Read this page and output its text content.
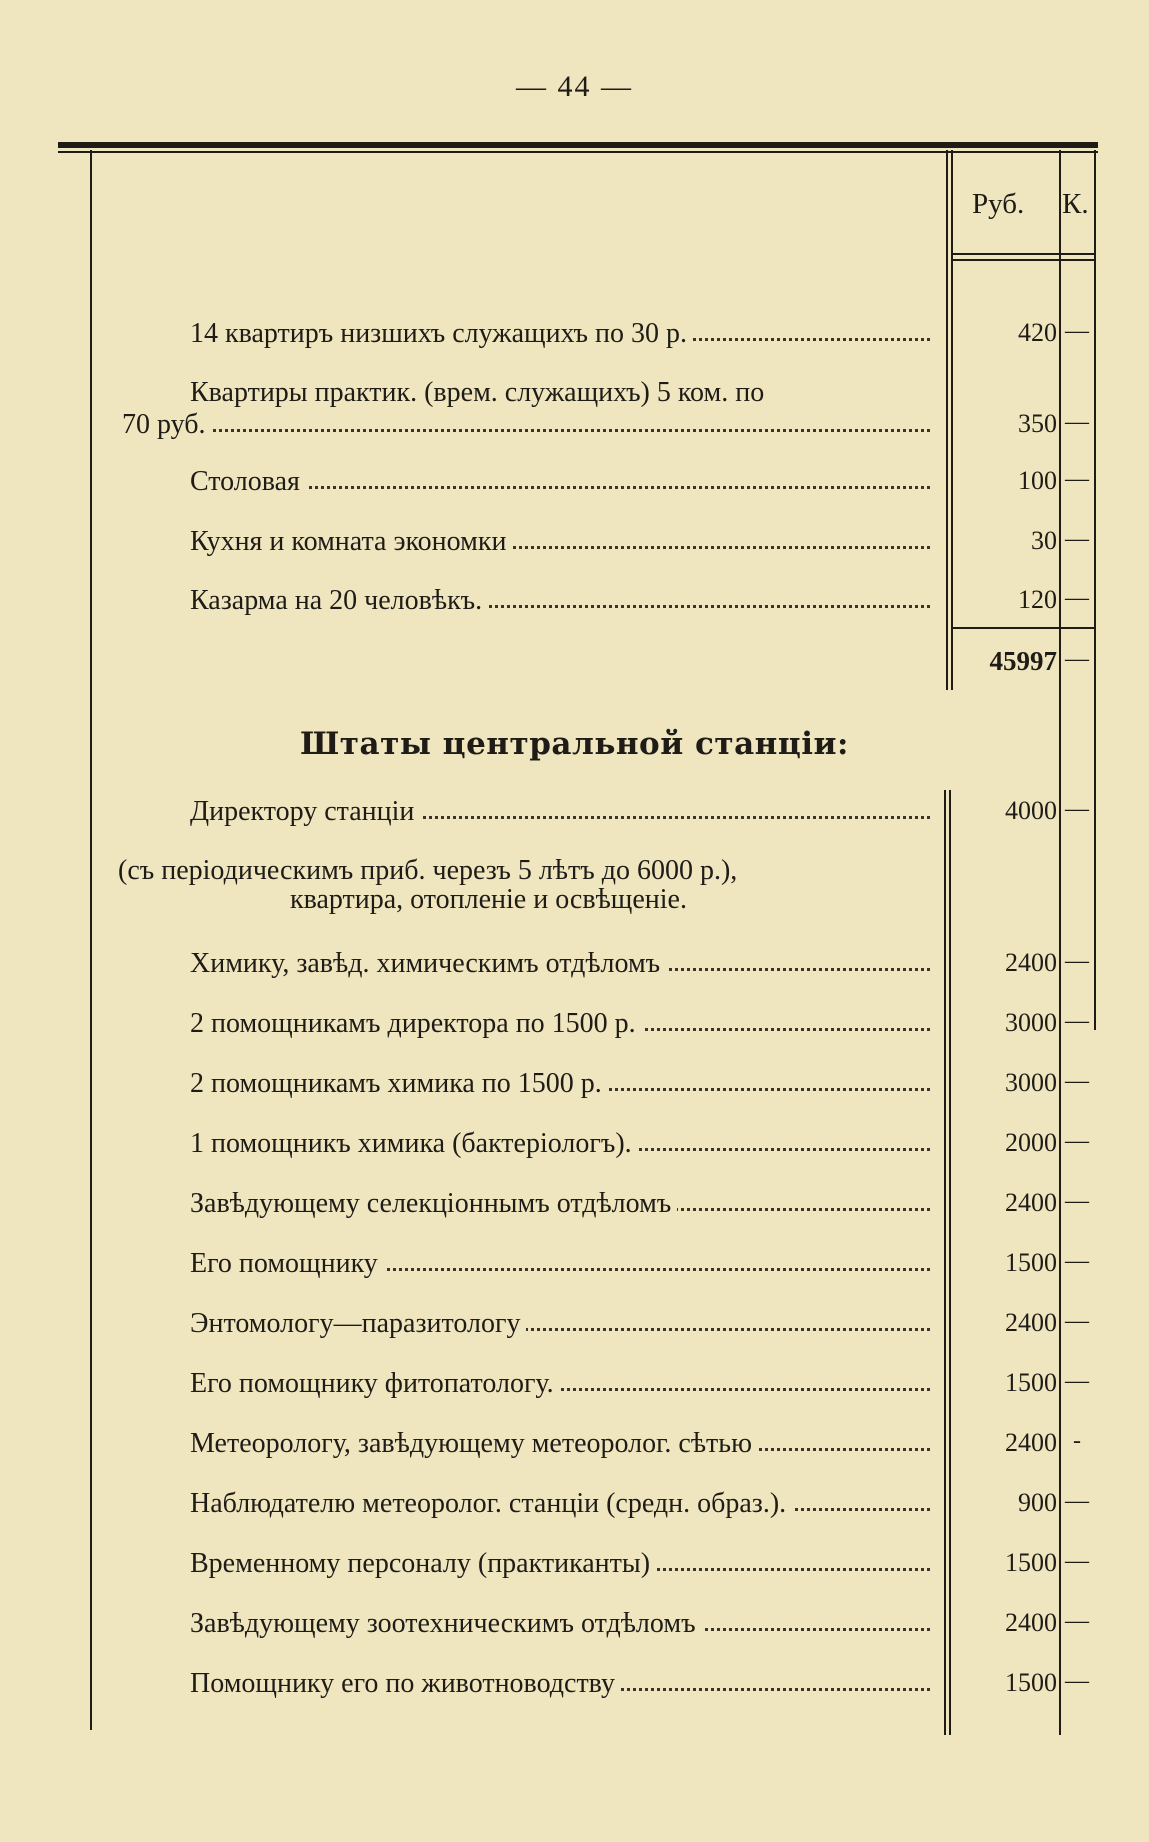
— 44 —
Руб. К.
14 квартиръ низшихъ служащихъ по 30 р.	420 —
Квартиры практик. (врем. служащихъ) 5 ком. по
70 руб.	350 —
Столовая	100 —
Кухня и комната экономки	30 —
Казарма на 20 человѣкъ.	120 —
45997 —
Штаты центральной станціи:
Директору станціи	4000 —
(съ періодическимъ приб. черезъ 5 лѣтъ до 6000 р.),
квартира, отопленіе и освѣщеніе.
Химику, завѣд. химическимъ отдѣломъ	2400 —
2 помощникамъ директора по 1500 р.	3000 —
2 помощникамъ химика по 1500 р.	3000 —
1 помощникъ химика (бактеріологъ).	2000 —
Завѣдующему селекціоннымъ отдѣломъ	2400 —
Его помощнику	1500 —
Энтомологу—паразитологу	2400 —
Его помощнику фитопатологу.	1500 —
Метеорологу, завѣдующему метеоролог. сѣтью	2400 -
Наблюдателю метеоролог. станціи (средн. образ.).	900 —
Временному персоналу (практиканты)	1500 —
Завѣдующему зоотехническимъ отдѣломъ	2400 —
Помощнику его по животноводству	1500 —
